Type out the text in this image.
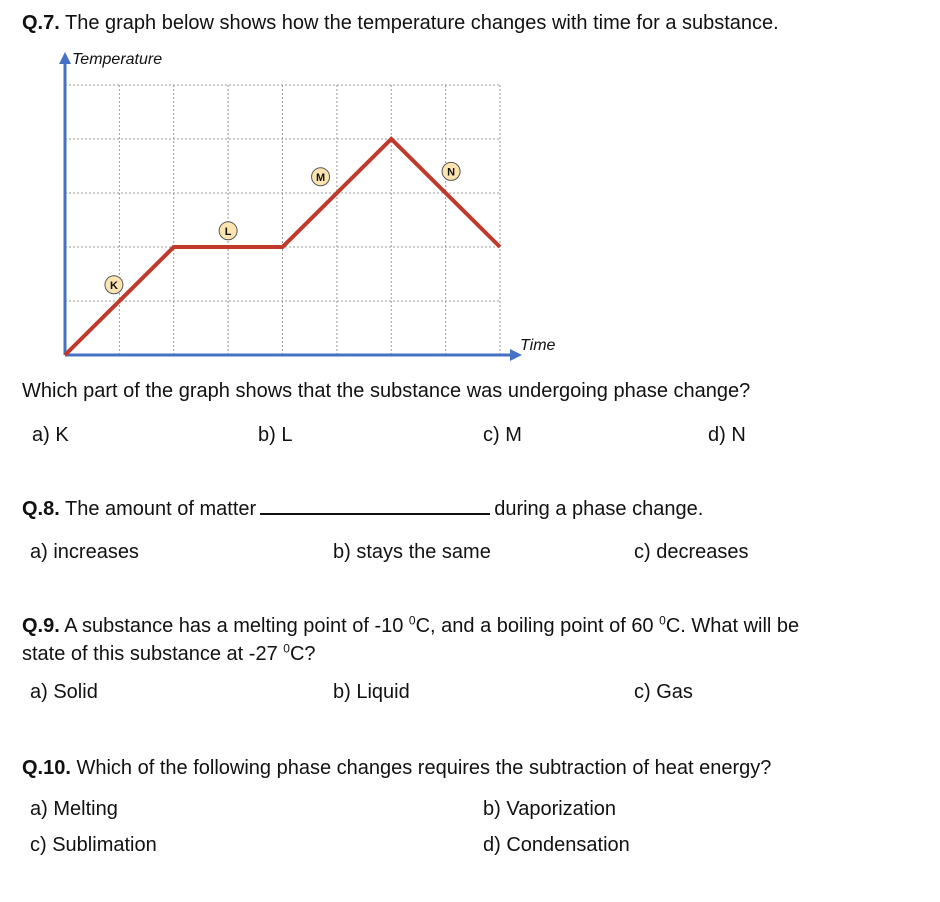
Q.7. The graph below shows how the temperature changes with time for a substance.
K
L
M	N
Temperature
Time
Which part of the graph shows that the substance was undergoing phase change?
a) K	b) L	c) M	d) N
Q.8. The amount of matter	during a phase change.
a) increases	b) stays the same	c) decreases
Q.9. A substance has a melting point of -10 $^0$C, and a boiling point of 60 $^0$C. What will be
state of this substance at -27 $^0$C?
a) Solid	b) Liquid	c) Gas
Q.10. Which of the following phase changes requires the subtraction of heat energy?
a) Melting	b) Vaporization
c) Sublimation	d) Condensation
